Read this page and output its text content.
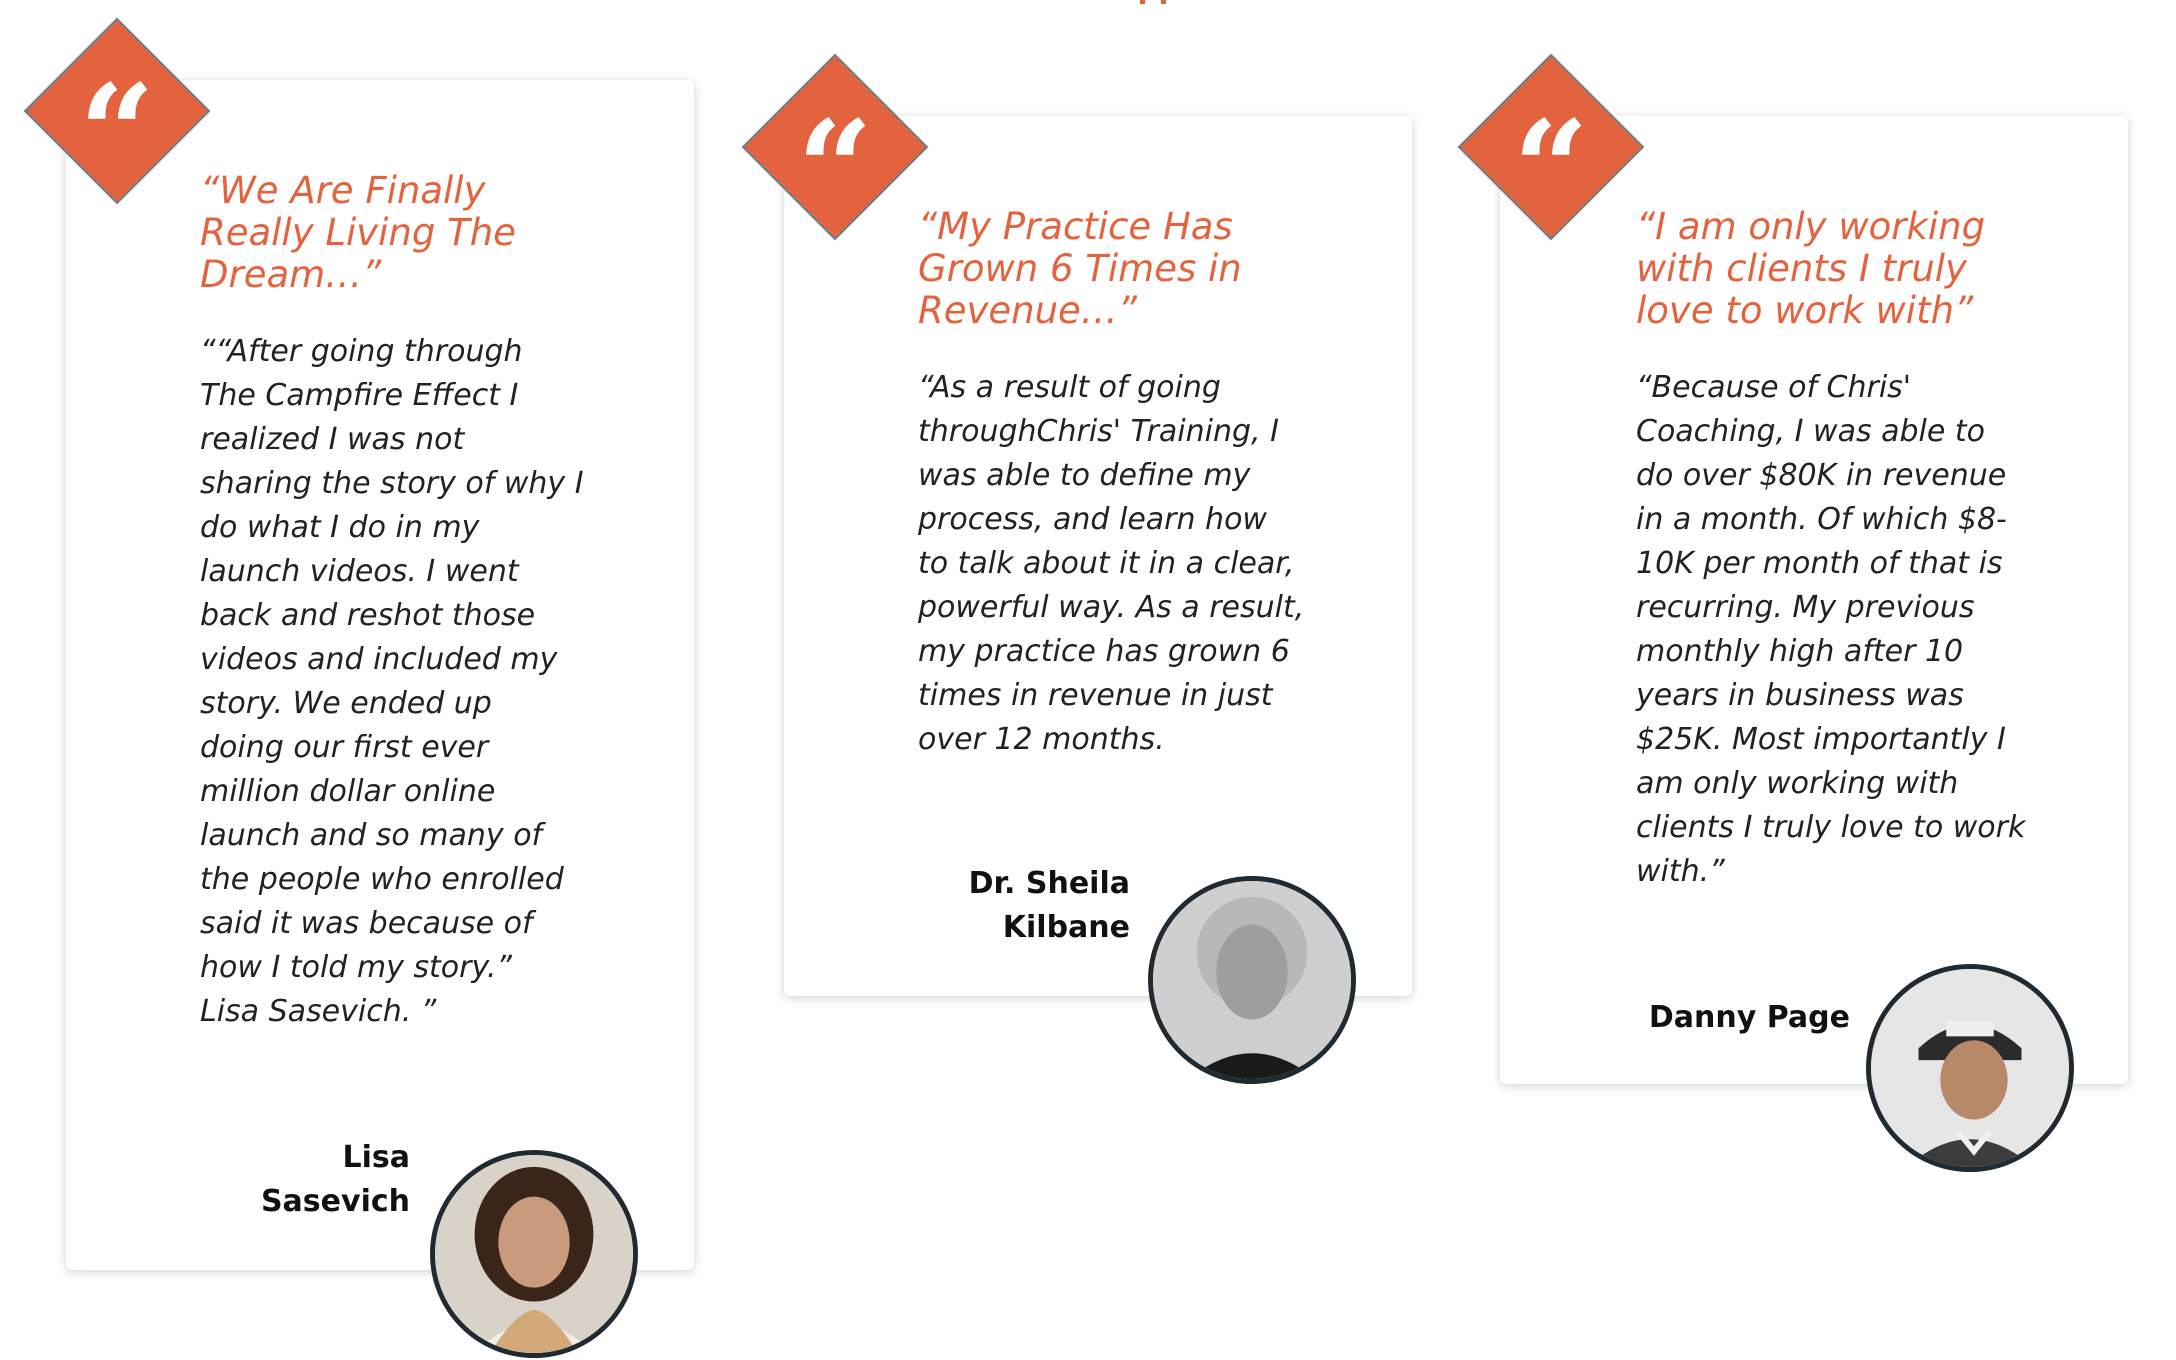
“	“We Are Finally
Really Living The
Dream…”

““After going through
The Campfire Effect I
realized I was not
sharing the story of why I
do what I do in my
launch videos. I went
back and reshot those
videos and included my
story. We ended up
doing our first ever
million dollar online
launch and so many of
the people who enrolled
said it was because of
how I told my story.”
Lisa Sasevich. ”

Lisa
Sasevich

“	“My Practice Has
Grown 6 Times in
Revenue…”

“As a result of going
throughChris' Training, I
was able to define my
process, and learn how
to talk about it in a clear,
powerful way. As a result,
my practice has grown 6
times in revenue in just
over 12 months.

Dr. Sheila
Kilbane

“	“I am only working
with clients I truly
love to work with”

“Because of Chris'
Coaching, I was able to
do over $80K in revenue
in a month. Of which $8-
10K per month of that is
recurring. My previous
monthly high after 10
years in business was
$25K. Most importantly I
am only working with
clients I truly love to work
with.”

Danny Page
